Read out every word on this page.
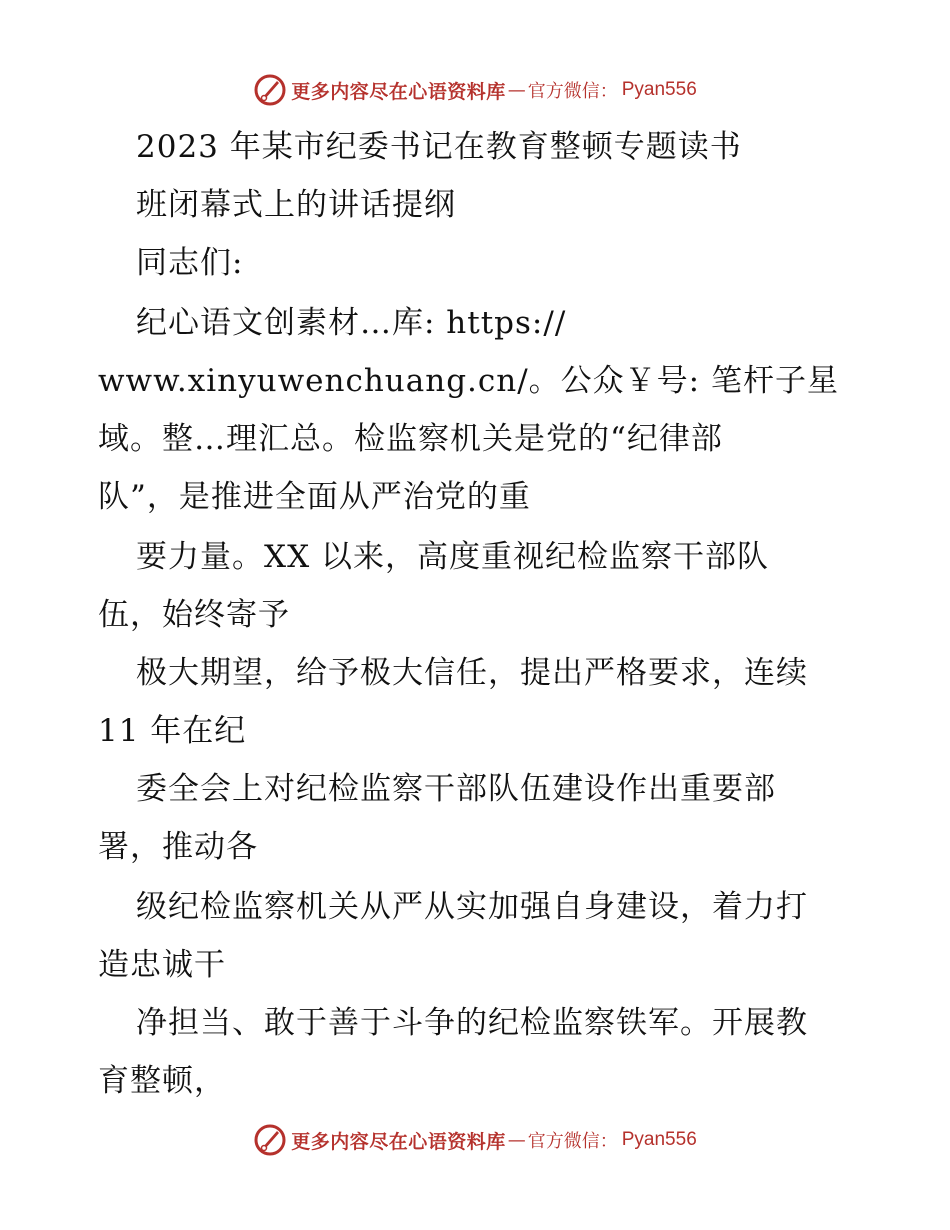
更多内容尽在心语资料库 — 官方微信： Pyan556
2023 年某市纪委书记在教育整顿专题读书
班闭幕式上的讲话提纲
同志们:
纪心语文创素材…库: https://
www.xinyuwenchuang.cn/。公众￥号: 笔杆子星
域。整…理汇总。检监察机关是党的“纪律部
队”，是推进全面从严治党的重
要力量。XX 以来，高度重视纪检监察干部队
伍，始终寄予
极大期望，给予极大信任，提出严格要求，连续
11 年在纪
委全会上对纪检监察干部队伍建设作出重要部
署，推动各
级纪检监察机关从严从实加强自身建设，着力打
造忠诚干
净担当、敢于善于斗争的纪检监察铁军。开展教
育整顿，
更多内容尽在心语资料库 — 官方微信： Pyan556
